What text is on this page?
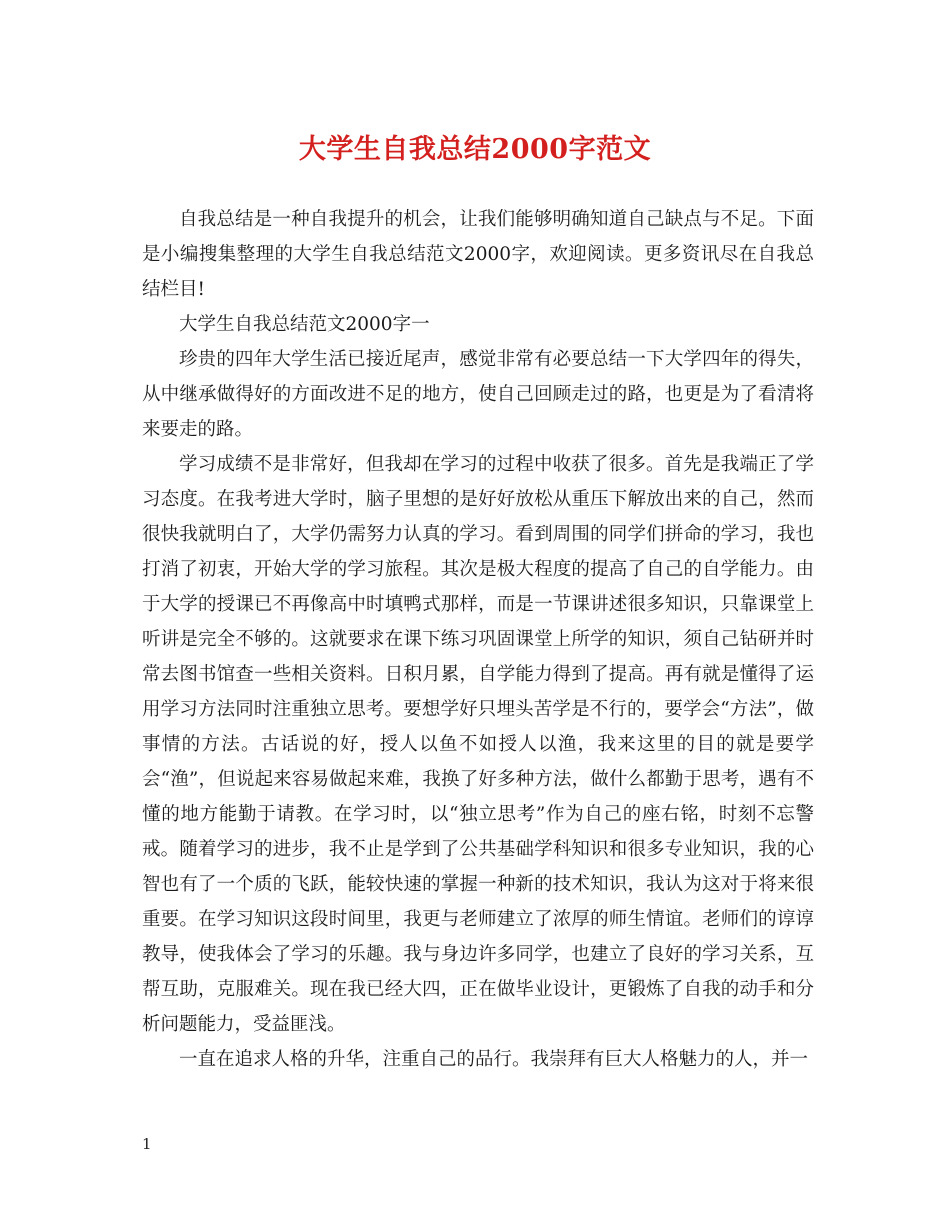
大学生自我总结2000字范文

自我总结是一种自我提升的机会，让我们能够明确知道自己缺点与不足。下面是小编搜集整理的大学生自我总结范文2000字，欢迎阅读。更多资讯尽在自我总结栏目!

大学生自我总结范文2000字一

珍贵的四年大学生活已接近尾声，感觉非常有必要总结一下大学四年的得失，从中继承做得好的方面改进不足的地方，使自己回顾走过的路，也更是为了看清将来要走的路。

学习成绩不是非常好，但我却在学习的过程中收获了很多。首先是我端正了学习态度。在我考进大学时，脑子里想的是好好放松从重压下解放出来的自己，然而很快我就明白了，大学仍需努力认真的学习。看到周围的同学们拼命的学习，我也打消了初衷，开始大学的学习旅程。其次是极大程度的提高了自己的自学能力。由于大学的授课已不再像高中时填鸭式那样，而是一节课讲述很多知识，只靠课堂上听讲是完全不够的。这就要求在课下练习巩固课堂上所学的知识，须自己钻研并时常去图书馆查一些相关资料。日积月累，自学能力得到了提高。再有就是懂得了运用学习方法同时注重独立思考。要想学好只埋头苦学是不行的，要学会“方法”，做事情的方法。古话说的好，授人以鱼不如授人以渔，我来这里的目的就是要学会“渔”，但说起来容易做起来难，我换了好多种方法，做什么都勤于思考，遇有不懂的地方能勤于请教。在学习时，以“独立思考”作为自己的座右铭，时刻不忘警戒。随着学习的进步，我不止是学到了公共基础学科知识和很多专业知识，我的心智也有了一个质的飞跃，能较快速的掌握一种新的技术知识，我认为这对于将来很重要。在学习知识这段时间里，我更与老师建立了浓厚的师生情谊。老师们的谆谆教导，使我体会了学习的乐趣。我与身边许多同学，也建立了良好的学习关系，互帮互助，克服难关。现在我已经大四，正在做毕业设计，更锻炼了自我的动手和分析问题能力，受益匪浅。

一直在追求人格的升华，注重自己的品行。我崇拜有巨大人格魅力的人，并一

1
